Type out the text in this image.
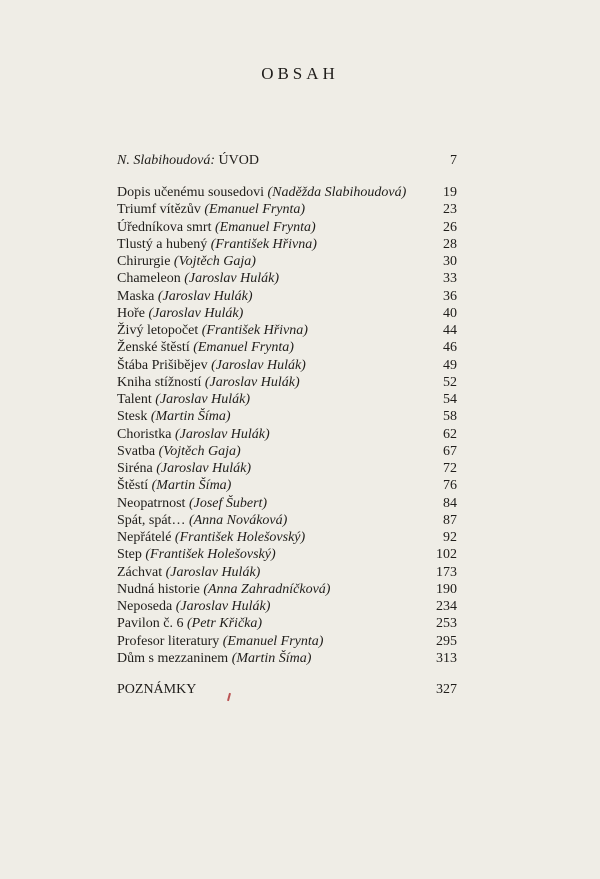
OBSAH
N. Slabihoudová: ÚVOD	7
Dopis učenému sousedovi (Naděžda Slabihoudová)	19
Triumf vítězův (Emanuel Frynta)	23
Úředníkova smrt (Emanuel Frynta)	26
Tlustý a hubený (František Hřivna)	28
Chirurgie (Vojtěch Gaja)	30
Chameleon (Jaroslav Hulák)	33
Maska (Jaroslav Hulák)	36
Hoře (Jaroslav Hulák)	40
Živý letopočet (František Hřivna)	44
Ženské štěstí (Emanuel Frynta)	46
Štába Prišibějev (Jaroslav Hulák)	49
Kniha stížností (Jaroslav Hulák)	52
Talent (Jaroslav Hulák)	54
Stesk (Martin Šíma)	58
Choristka (Jaroslav Hulák)	62
Svatba (Vojtěch Gaja)	67
Siréna (Jaroslav Hulák)	72
Štěstí (Martin Šíma)	76
Neopatrnost (Josef Šubert)	84
Spát, spát… (Anna Nováková)	87
Nepřátelé (František Holešovský)	92
Step (František Holešovský)	102
Záchvat (Jaroslav Hulák)	173
Nudná historie (Anna Zahradníčková)	190
Neposeda (Jaroslav Hulák)	234
Pavilon č. 6 (Petr Křička)	253
Profesor literatury (Emanuel Frynta)	295
Dům s mezzaninem (Martin Šíma)	313
POZNÁMKY	327
